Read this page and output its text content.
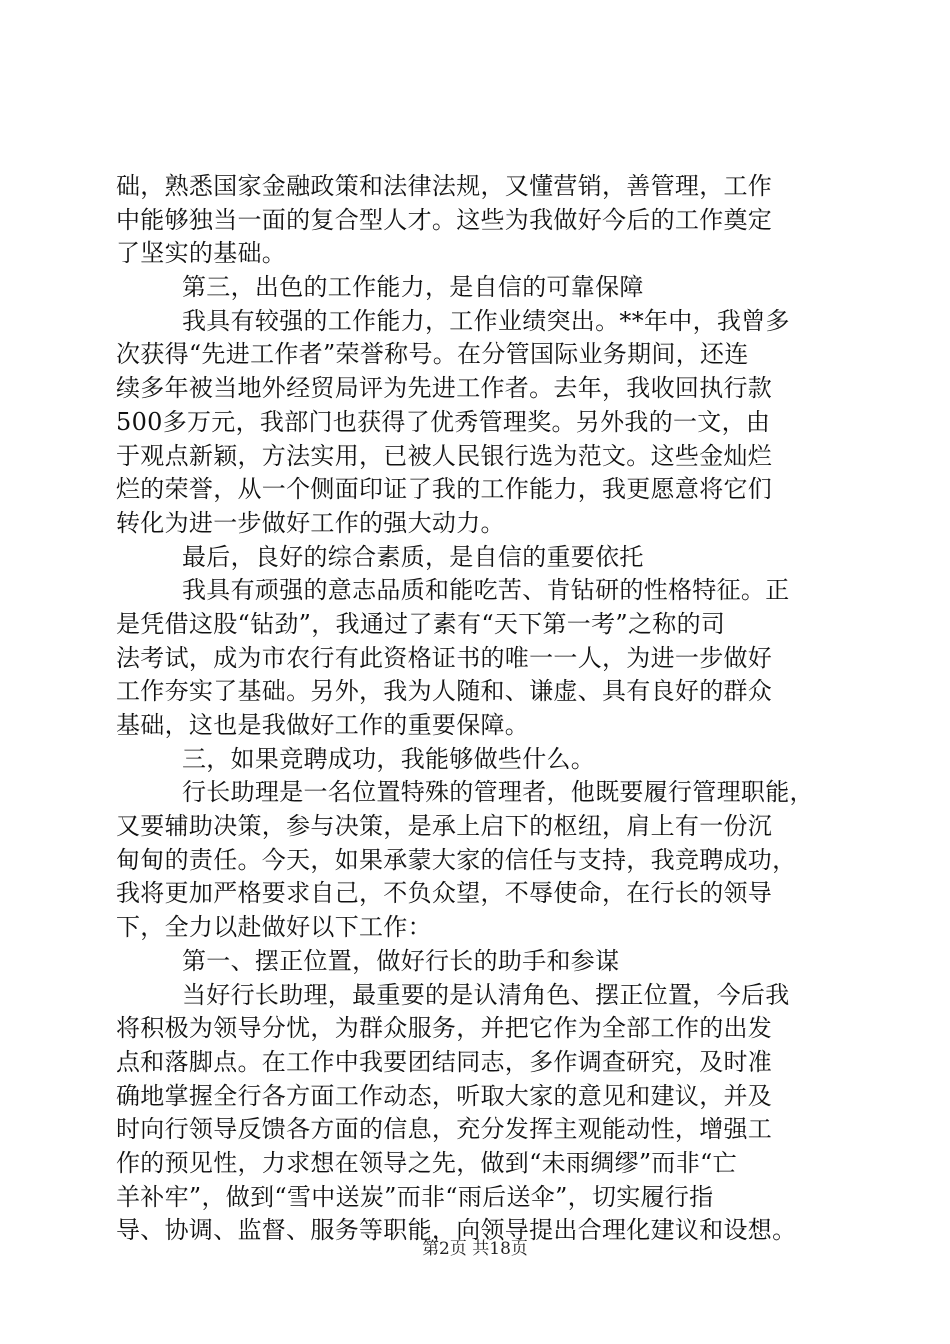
础，熟悉国家金融政策和法律法规，又懂营销，善管理，工作
中能够独当一面的复合型人才。这些为我做好今后的工作奠定
了坚实的基础。
第三，出色的工作能力，是自信的可靠保障
我具有较强的工作能力，工作业绩突出。**年中，我曾多
次获得“先进工作者”荣誉称号。在分管国际业务期间，还连
续多年被当地外经贸局评为先进工作者。去年，我收回执行款
500多万元，我部门也获得了优秀管理奖。另外我的一文，由
于观点新颖，方法实用，已被人民银行选为范文。这些金灿烂
烂的荣誉，从一个侧面印证了我的工作能力，我更愿意将它们
转化为进一步做好工作的强大动力。
最后，良好的综合素质，是自信的重要依托
我具有顽强的意志品质和能吃苦、肯钻研的性格特征。正
是凭借这股“钻劲”，我通过了素有“天下第一考”之称的司
法考试，成为市农行有此资格证书的唯一一人，为进一步做好
工作夯实了基础。另外，我为人随和、谦虚、具有良好的群众
基础，这也是我做好工作的重要保障。
三，如果竞聘成功，我能够做些什么。
行长助理是一名位置特殊的管理者，他既要履行管理职能，
又要辅助决策，参与决策，是承上启下的枢纽，肩上有一份沉
甸甸的责任。今天，如果承蒙大家的信任与支持，我竞聘成功，
我将更加严格要求自己，不负众望，不辱使命，在行长的领导
下，全力以赴做好以下工作：
第一、摆正位置，做好行长的助手和参谋
当好行长助理，最重要的是认清角色、摆正位置，今后我
将积极为领导分忧，为群众服务，并把它作为全部工作的出发
点和落脚点。在工作中我要团结同志，多作调查研究，及时准
确地掌握全行各方面工作动态，听取大家的意见和建议，并及
时向行领导反馈各方面的信息，充分发挥主观能动性，增强工
作的预见性，力求想在领导之先，做到“未雨绸缪”而非“亡
羊补牢”，做到“雪中送炭”而非“雨后送伞”，切实履行指
导、协调、监督、服务等职能，向领导提出合理化建议和设想。
第2页 共18页
